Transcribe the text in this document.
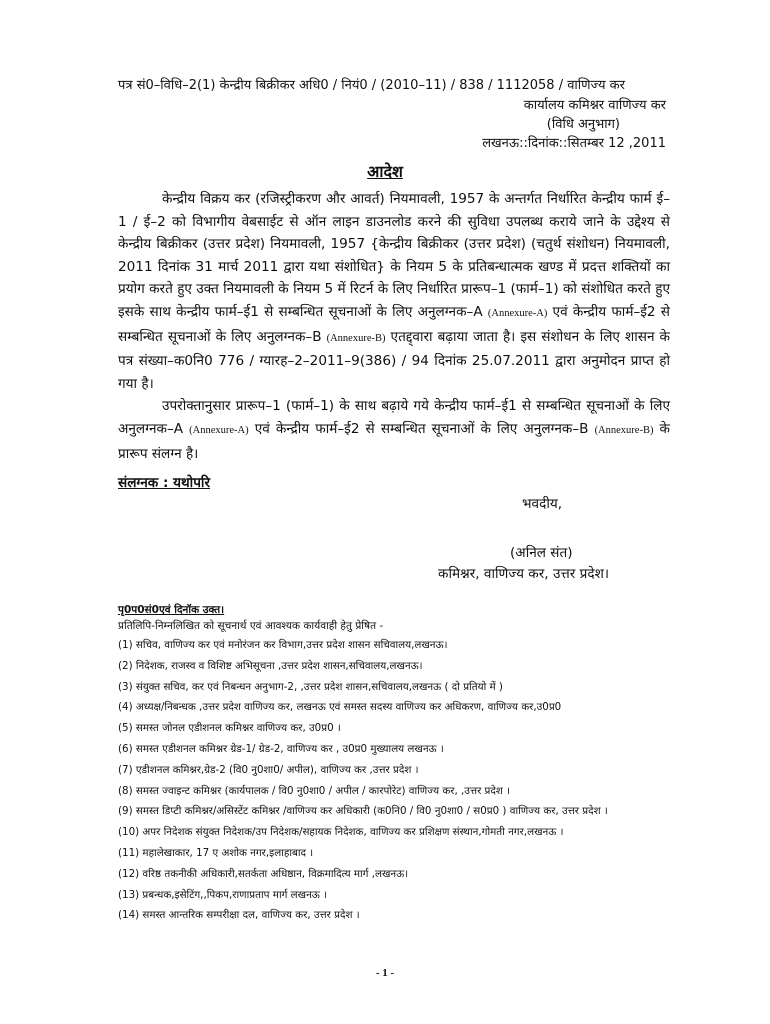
पत्र सं0–विधि–2(1) केन्द्रीय बिक्रीकर अधि0 / नियं0 / (2010–11) / 838 / 1112058 / वाणिज्य कर
कार्यालय कमिश्नर वाणिज्य कर
(विधि अनुभाग)
लखनऊ::दिनांक::सितम्बर 12 ,2011
आदेश

केन्द्रीय विक्रय कर (रजिस्ट्रीकरण और आवर्त) नियमावली, 1957 के अन्तर्गत निर्धारित केन्द्रीय फार्म ई–1 / ई–2 को विभागीय वेबसाईट से ऑन लाइन डाउनलोड करने की सुविधा उपलब्ध कराये जाने के उद्देश्य से केन्द्रीय बिक्रीकर (उत्तर प्रदेश) नियमावली, 1957 {केन्द्रीय बिक्रीकर (उत्तर प्रदेश) (चतुर्थ संशोधन) नियमावली, 2011 दिनांक 31 मार्च 2011 द्वारा यथा संशोधित} के नियम 5 के प्रतिबन्धात्मक खण्ड में प्रदत्त शक्तियों का प्रयोग करते हुए उक्त नियमावली के नियम 5 में रिटर्न के लिए निर्धारित प्रारूप–1 (फार्म–1) को संशोधित करते हुए इसके साथ केन्द्रीय फार्म–ई1 से सम्बन्धित सूचनाओं के लिए अनुलग्नक–A (Annexure-A) एवं केन्द्रीय फार्म–ई2 से सम्बन्धित सूचनाओं के लिए अनुलग्नक–B (Annexure-B) एतद्द्वारा बढ़ाया जाता है। इस संशोधन के लिए शासन के पत्र संख्या–क0नि0 776 / ग्यारह–2–2011–9(386) / 94 दिनांक 25.07.2011 द्वारा अनुमोदन प्राप्त हो गया है।

उपरोक्तानुसार प्रारूप–1 (फार्म–1) के साथ बढ़ाये गये केन्द्रीय फार्म–ई1 से सम्बन्धित सूचनाओं के लिए अनुलग्नक–A (Annexure-A) एवं केन्द्रीय फार्म–ई2 से सम्बन्धित सूचनाओं के लिए अनुलग्नक–B (Annexure-B) के प्रारूप संलग्न है।

संलग्नक : यथोपरि
भवदीय,
(अनिल संत)
कमिश्नर, वाणिज्य कर, उत्तर प्रदेश।
पृ0प0सं0एवं दिनॉक उक्त।
प्रतिलिपि-निम्नलिखित को सूचनार्थ एवं आवश्यक कार्यवाही हेतु प्रेषित -
(1) सचिव, वाणिज्य कर एवं मनोरंजन कर विभाग,उत्तर प्रदेश शासन सचिवालय,लखनऊ।
(2) निदेशक, राजस्व व विशिष्ट अभिसूचना ,उत्तर प्रदेश शासन,सचिवालय,लखनऊ।
(3) संयुक्त सचिव, कर एवं निबन्धन अनुभाग-2, ,उत्तर प्रदेश शासन,सचिवालय,लखनऊ ( दो प्रतियो में )
(4) अध्यक्ष/निबन्धक ,उत्तर प्रदेश वाणिज्य कर, लखनऊ एवं समस्त सदस्य वाणिज्य कर अधिकरण, वाणिज्य कर,उ0प्र0
(5) समस्त जोनल एडीशनल कमिश्नर वाणिज्य कर, उ0प्र0 ।
(6) समस्त एडीशनल कमिश्नर ग्रेड-1/ ग्रेड-2, वाणिज्य कर , उ0प्र0 मुख्यालय लखनऊ ।
(7) एडीशनल कमिश्नर,ग्रेड-2 (वि0 नु0शा0/ अपील), वाणिज्य कर ,उत्तर प्रदेश ।
(8) समस्त ज्वाइन्ट कमिश्नर (कार्यपालक / वि0 नु0शा0 / अपील / कारपोरेट) वाणिज्य कर, ,उत्तर प्रदेश ।
(9) समस्त डिप्टी कमिश्नर/असिस्टेंट कमिश्नर /वाणिज्य कर अधिकारी (क0नि0 / वि0 नु0शा0 / स0प्र0 ) वाणिज्य कर, उत्तर प्रदेश ।
(10) अपर निदेशक संयुक्त निदेशक/उप निदेशक/सहायक निदेशक, वाणिज्य कर प्रशिक्षण संस्थान,गोमती नगर,लखनऊ ।
(11) महालेखाकार, 17 ए अशोक नगर,इलाहाबाद ।
(12) वरिष्ठ तकनीकी अधिकारी,सतर्कता अधिष्ठान, विक्रमादित्य मार्ग ,लखनऊ।
(13) प्रबन्धक,इसेटिंग,,पिकप,राणाप्रताप मार्ग लखनऊ ।
(14) समस्त आन्तरिक सम्परीक्षा दल, वाणिज्य कर, उत्तर प्रदेश ।
- 1 -
